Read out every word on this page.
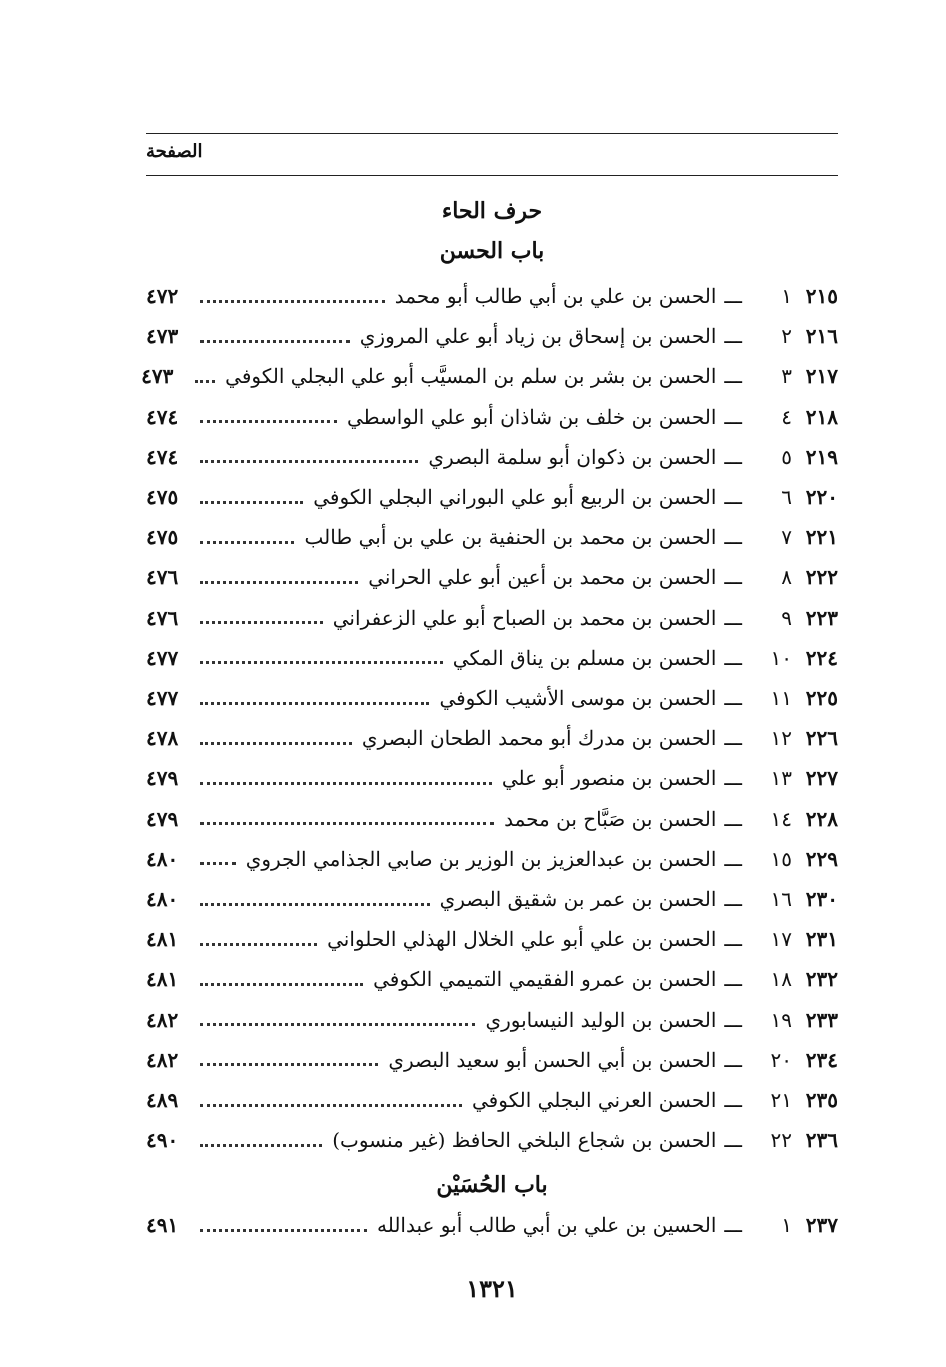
الصفحة
حرف الحاء
باب الحسن
٢١٥
١
ـــ
الحسن بن علي بن أبي طالب أبو محمد
٤٧٢
٢١٦
٢
ـــ
الحسن بن إسحاق بن زياد أبو علي المروزي
٤٧٣
٢١٧
٣
ـــ
الحسن بن بشر بن سلم بن المسيَّب أبو علي البجلي الكوفي
٤٧٣
٢١٨
٤
ـــ
الحسن بن خلف بن شاذان أبو علي الواسطي
٤٧٤
٢١٩
٥
ـــ
الحسن بن ذكوان أبو سلمة البصري
٤٧٤
٢٢٠
٦
ـــ
الحسن بن الربيع أبو علي البوراني البجلي الكوفي
٤٧٥
٢٢١
٧
ـــ
الحسن بن محمد بن الحنفية بن علي بن أبي طالب
٤٧٥
٢٢٢
٨
ـــ
الحسن بن محمد بن أعين أبو علي الحراني
٤٧٦
٢٢٣
٩
ـــ
الحسن بن محمد بن الصباح أبو علي الزعفراني
٤٧٦
٢٢٤
١٠
ـــ
الحسن بن مسلم بن يناق المكي
٤٧٧
٢٢٥
١١
ـــ
الحسن بن موسى الأشيب الكوفي
٤٧٧
٢٢٦
١٢
ـــ
الحسن بن مدرك أبو محمد الطحان البصري
٤٧٨
٢٢٧
١٣
ـــ
الحسن بن منصور أبو علي
٤٧٩
٢٢٨
١٤
ـــ
الحسن بن صَبَّاح بن محمد
٤٧٩
٢٢٩
١٥
ـــ
الحسن بن عبدالعزيز بن الوزير بن صابي الجذامي الجروي
٤٨٠
٢٣٠
١٦
ـــ
الحسن بن عمر بن شقيق البصري
٤٨٠
٢٣١
١٧
ـــ
الحسن بن علي أبو علي الخلال الهذلي الحلواني
٤٨١
٢٣٢
١٨
ـــ
الحسن بن عمرو الفقيمي التميمي الكوفي
٤٨١
٢٣٣
١٩
ـــ
الحسن بن الوليد النيسابوري
٤٨٢
٢٣٤
٢٠
ـــ
الحسن بن أبي الحسن أبو سعيد البصري
٤٨٢
٢٣٥
٢١
ـــ
الحسن العرني البجلي الكوفي
٤٨٩
٢٣٦
٢٢
ـــ
الحسن بن شجاع البلخي الحافظ (غير منسوب)
٤٩٠
باب الحُسَيْن
٢٣٧
١
ـــ
الحسين بن علي بن أبي طالب أبو عبدالله
٤٩١
١٣٢١
